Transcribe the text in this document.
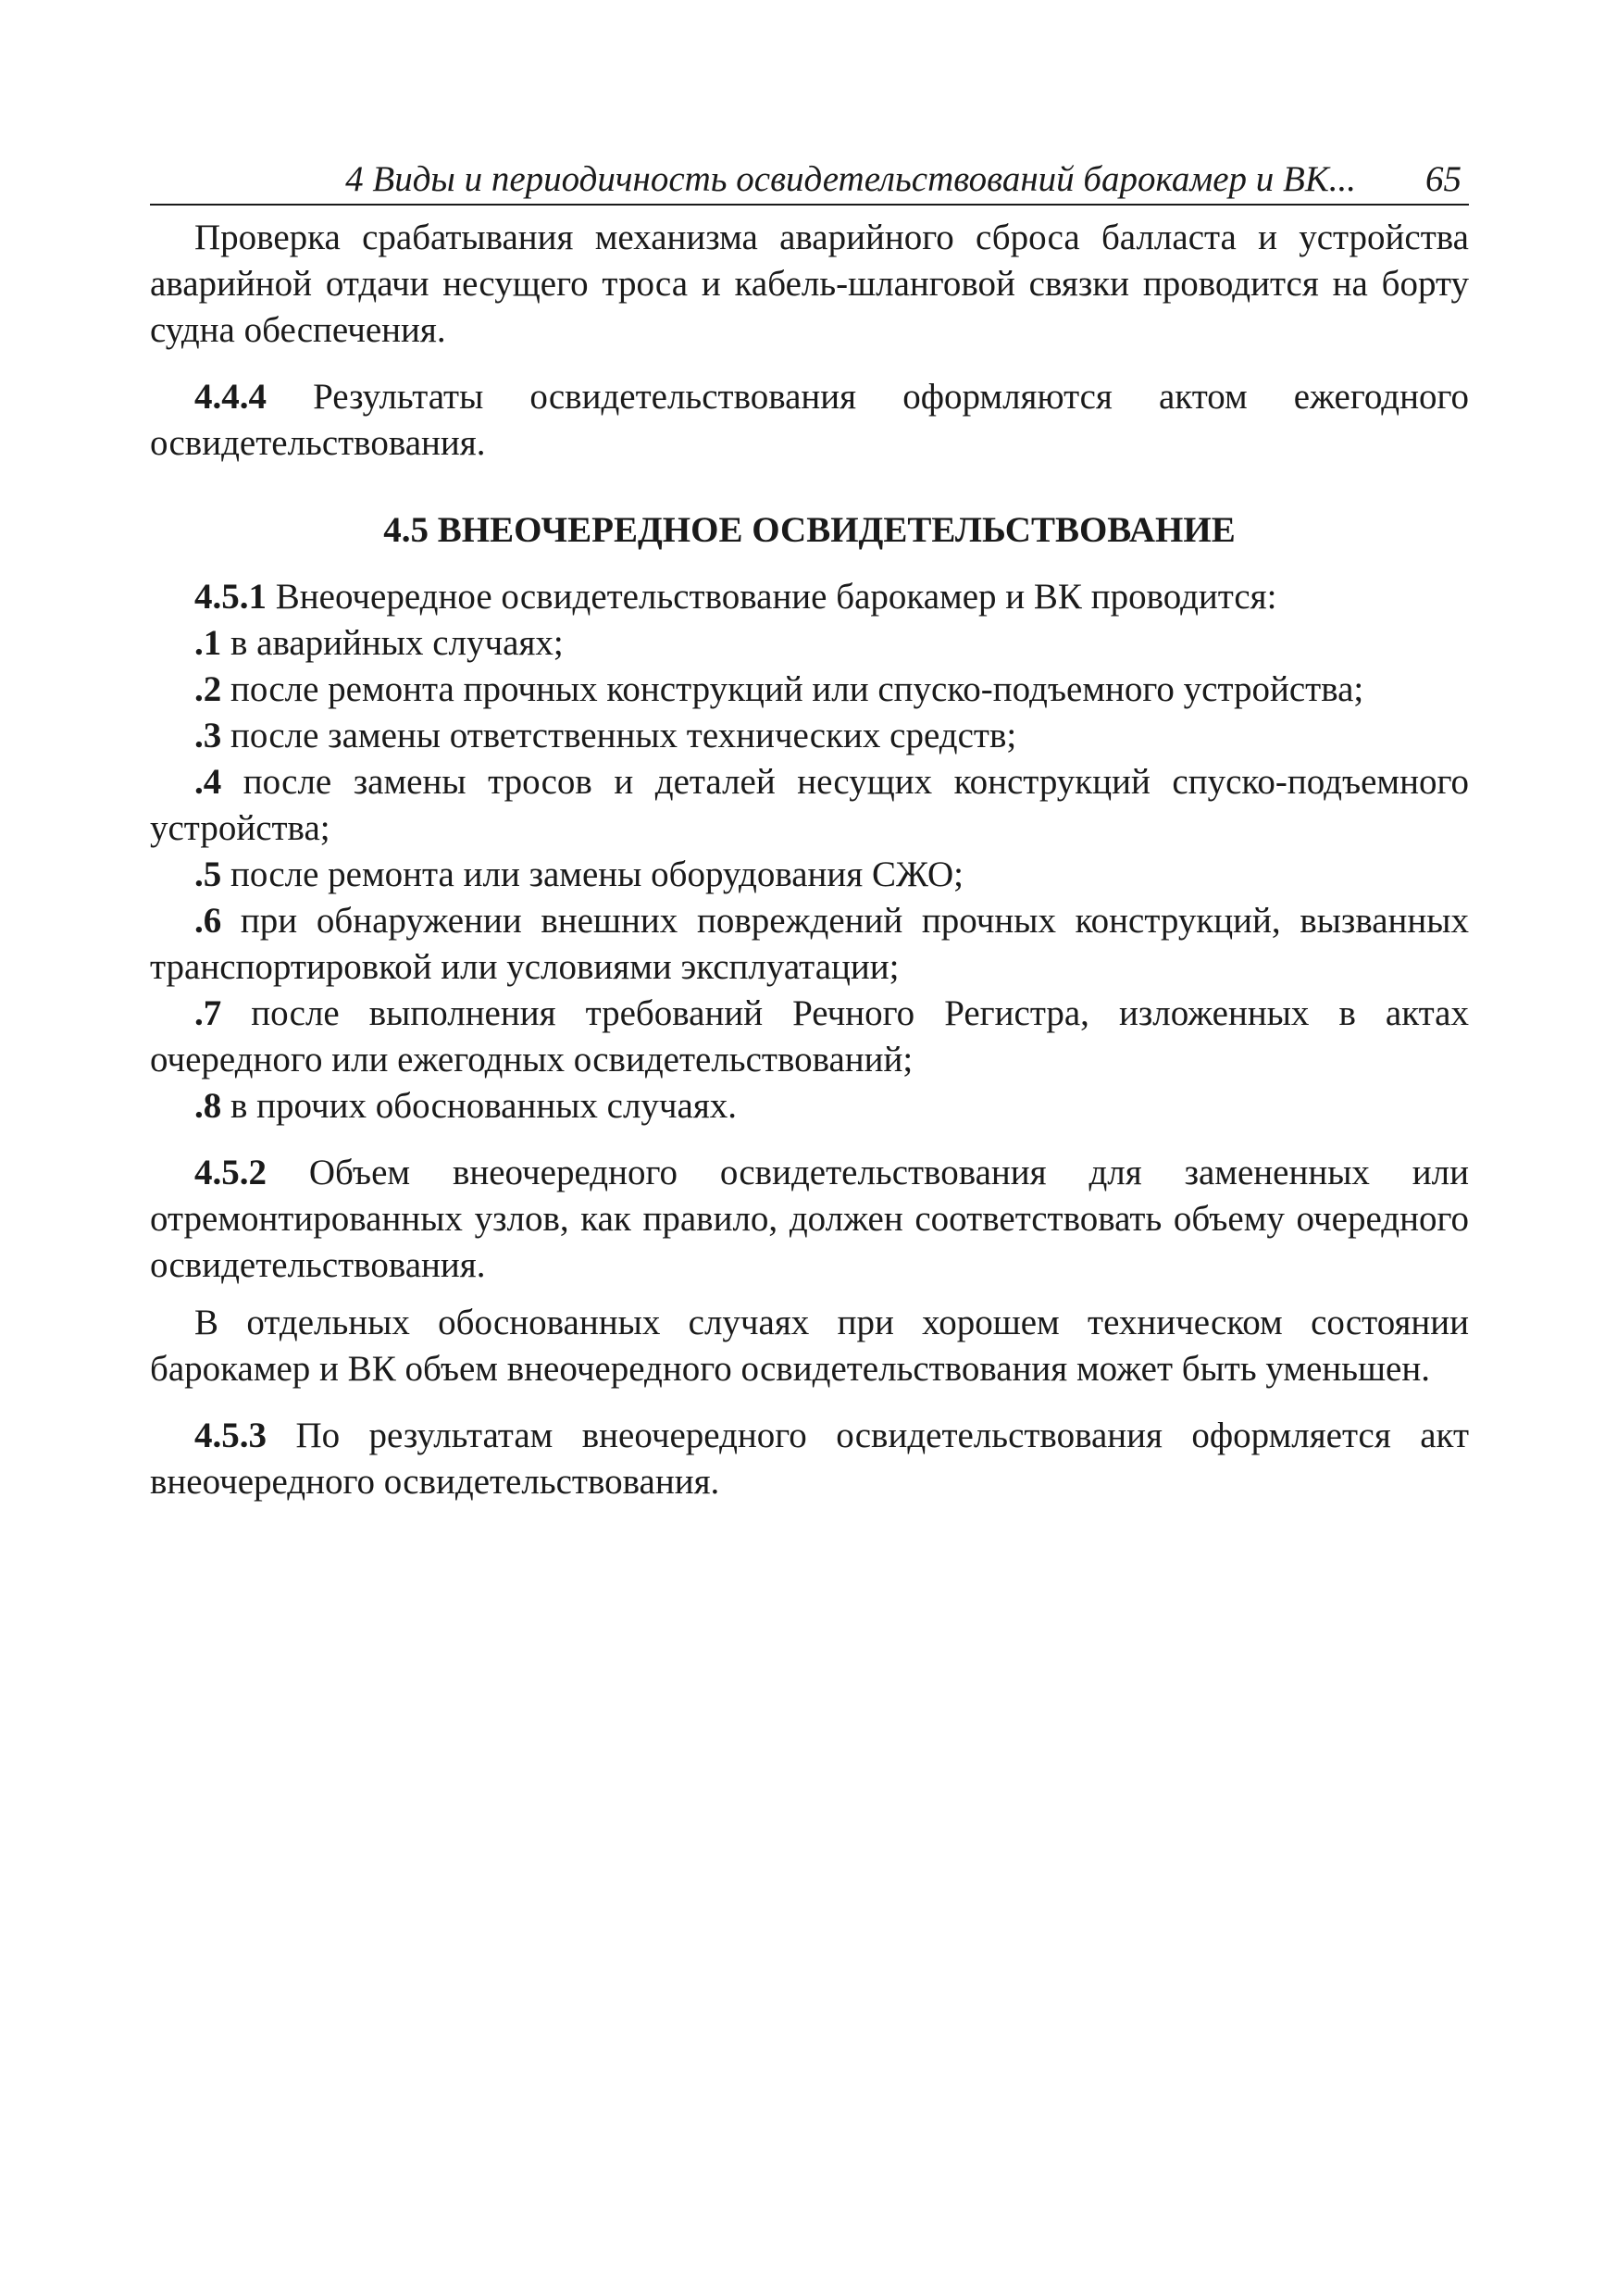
4 Виды и периодичность освидетельствований барокамер и ВК... 65

Проверка срабатывания механизма аварийного сброса балласта и устройства аварийной отдачи несущего троса и кабель-шланговой связки проводится на борту судна обеспечения.

4.4.4 Результаты освидетельствования оформляются актом ежегодного освидетельствования.

4.5 ВНЕОЧЕРЕДНОЕ ОСВИДЕТЕЛЬСТВОВАНИЕ

4.5.1 Внеочередное освидетельствование барокамер и ВК проводится:

.1 в аварийных случаях;

.2 после ремонта прочных конструкций или спуско-подъемного устройства;

.3 после замены ответственных технических средств;

.4 после замены тросов и деталей несущих конструкций спуско-подъемного устройства;

.5 после ремонта или замены оборудования СЖО;

.6 при обнаружении внешних повреждений прочных конструкций, вызванных транспортировкой или условиями эксплуатации;

.7 после выполнения требований Речного Регистра, изложенных в актах очередного или ежегодных освидетельствований;

.8 в прочих обоснованных случаях.

4.5.2 Объем внеочередного освидетельствования для замененных или отремонтированных узлов, как правило, должен соответствовать объему очередного освидетельствования.

В отдельных обоснованных случаях при хорошем техническом состоянии барокамер и ВК объем внеочередного освидетельствования может быть уменьшен.

4.5.3 По результатам внеочередного освидетельствования оформляется акт внеочередного освидетельствования.
